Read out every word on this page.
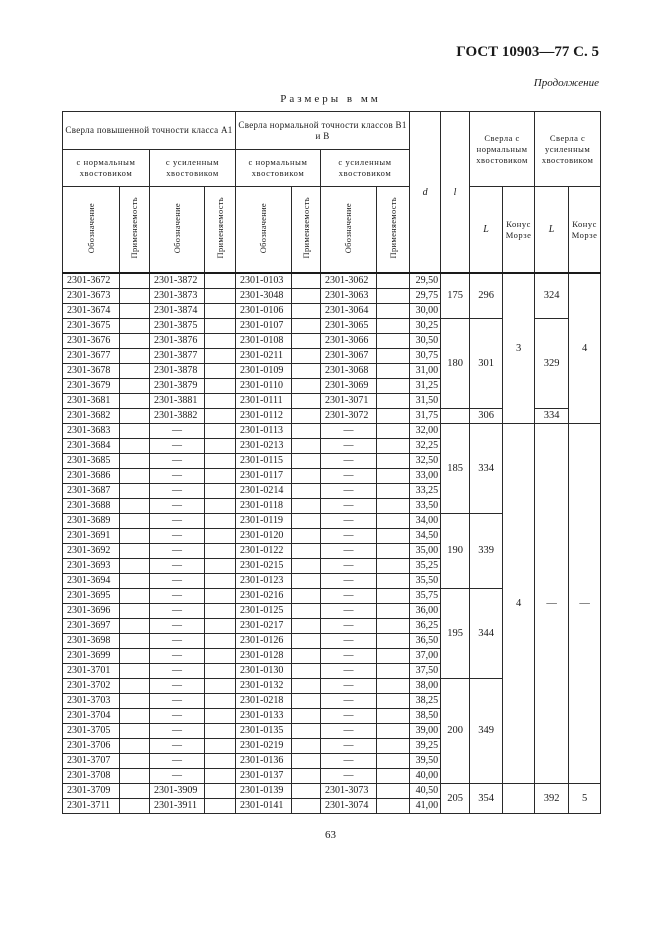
ГОСТ 10903—77 С. 5
Продолжение
Размеры в мм
Сверла повышенной точности класса А1				Сверла нормальной точности классов В1 и В				d	l	Сверла с нормальным хвостовиком		Сверла с усиленным хвостовиком	
с нормальным хвостовиком		с усиленным хвостовиком		с нормальным хвостовиком		с усиленным хвостовиком							
Обозначение	Применяемость	Обозначение	Применяемость	Обозначение	Применяемость	Обозначение	Применяемость			L	Конус Морзе	L	Конус Морзе
2301-3672		2301-3872		2301-0103		2301-3062		29,50	175	296	3	324	4
2301-3673		2301-3873		2301-3048		2301-3063		29,75					
2301-3674		2301-3874		2301-0106		2301-3064		30,00					
2301-3675		2301-3875		2301-0107		2301-3065		30,25	180	301		329	
2301-3676		2301-3876		2301-0108		2301-3066		30,50					
2301-3677		2301-3877		2301-0211		2301-3067		30,75					
2301-3678		2301-3878		2301-0109		2301-3068		31,00					
2301-3679		2301-3879		2301-0110		2301-3069		31,25					
2301-3681		2301-3881		2301-0111		2301-3071		31,50					
2301-3682		2301-3882		2301-0112		2301-3072		31,75		306		334	
2301-3683		—		2301-0113		—		32,00	185	334	4	—	—
2301-3684		—		2301-0213		—		32,25					
2301-3685		—		2301-0115		—		32,50					
2301-3686		—		2301-0117		—		33,00					
2301-3687		—		2301-0214		—		33,25					
2301-3688		—		2301-0118		—		33,50					
2301-3689		—		2301-0119		—		34,00	190	339			
2301-3691		—		2301-0120		—		34,50					
2301-3692		—		2301-0122		—		35,00					
2301-3693		—		2301-0215		—		35,25					
2301-3694		—		2301-0123		—		35,50					
2301-3695		—		2301-0216		—		35,75	195	344			
2301-3696		—		2301-0125		—		36,00					
2301-3697		—		2301-0217		—		36,25					
2301-3698		—		2301-0126		—		36,50					
2301-3699		—		2301-0128		—		37,00					
2301-3701		—		2301-0130		—		37,50					
2301-3702		—		2301-0132		—		38,00	200	349			
2301-3703		—		2301-0218		—		38,25					
2301-3704		—		2301-0133		—		38,50					
2301-3705		—		2301-0135		—		39,00					
2301-3706		—		2301-0219		—		39,25					
2301-3707		—		2301-0136		—		39,50					
2301-3708		—		2301-0137		—		40,00					
2301-3709		2301-3909		2301-0139		2301-3073		40,50	205	354		392	5
2301-3711		2301-3911		2301-0141		2301-3074		41,00					
63
